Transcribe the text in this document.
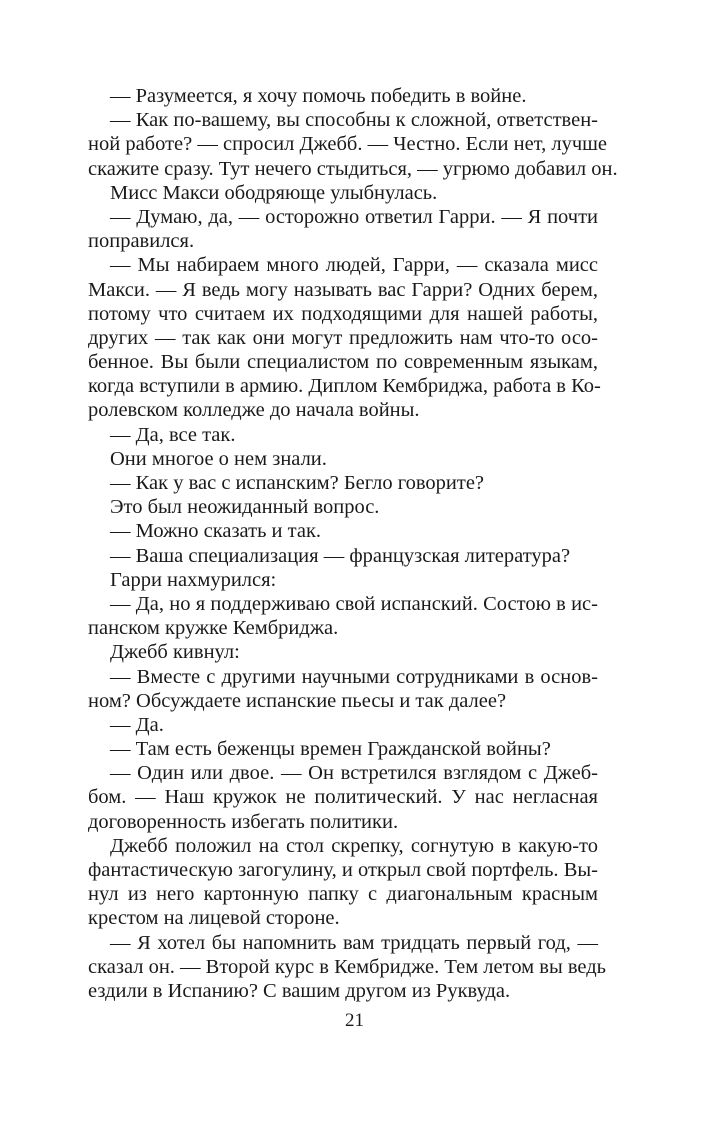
— Разумеется, я хочу помочь победить в войне.
— Как по-вашему, вы способны к сложной, ответствен-
ной работе? — спросил Джебб. — Честно. Если нет, лучше
скажите сразу. Тут нечего стыдиться, — угрюмо добавил он.
Мисс Макси ободряюще улыбнулась.
— Думаю, да, — осторожно ответил Гарри. — Я почти
поправился.
— Мы набираем много людей, Гарри, — сказала мисс
Макси. — Я ведь могу называть вас Гарри? Одних берем,
потому что считаем их подходящими для нашей работы,
других — так как они могут предложить нам что-то осо-
бенное. Вы были специалистом по современным языкам,
когда вступили в армию. Диплом Кембриджа, работа в Ко-
ролевском колледже до начала войны.
— Да, все так.
Они многое о нем знали.
— Как у вас с испанским? Бегло говорите?
Это был неожиданный вопрос.
— Можно сказать и так.
— Ваша специализация — французская литература?
Гарри нахмурился:
— Да, но я поддерживаю свой испанский. Состою в ис-
панском кружке Кембриджа.
Джебб кивнул:
— Вместе с другими научными сотрудниками в основ-
ном? Обсуждаете испанские пьесы и так далее?
— Да.
— Там есть беженцы времен Гражданской войны?
— Один или двое. — Он встретился взглядом с Джеб-
бом. — Наш кружок не политический. У нас негласная
договоренность избегать политики.
Джебб положил на стол скрепку, согнутую в какую-то
фантастическую загогулину, и открыл свой портфель. Вы-
нул из него картонную папку с диагональным красным
крестом на лицевой стороне.
— Я хотел бы напомнить вам тридцать первый год, —
сказал он. — Второй курс в Кембридже. Тем летом вы ведь
ездили в Испанию? С вашим другом из Руквуда.
21
